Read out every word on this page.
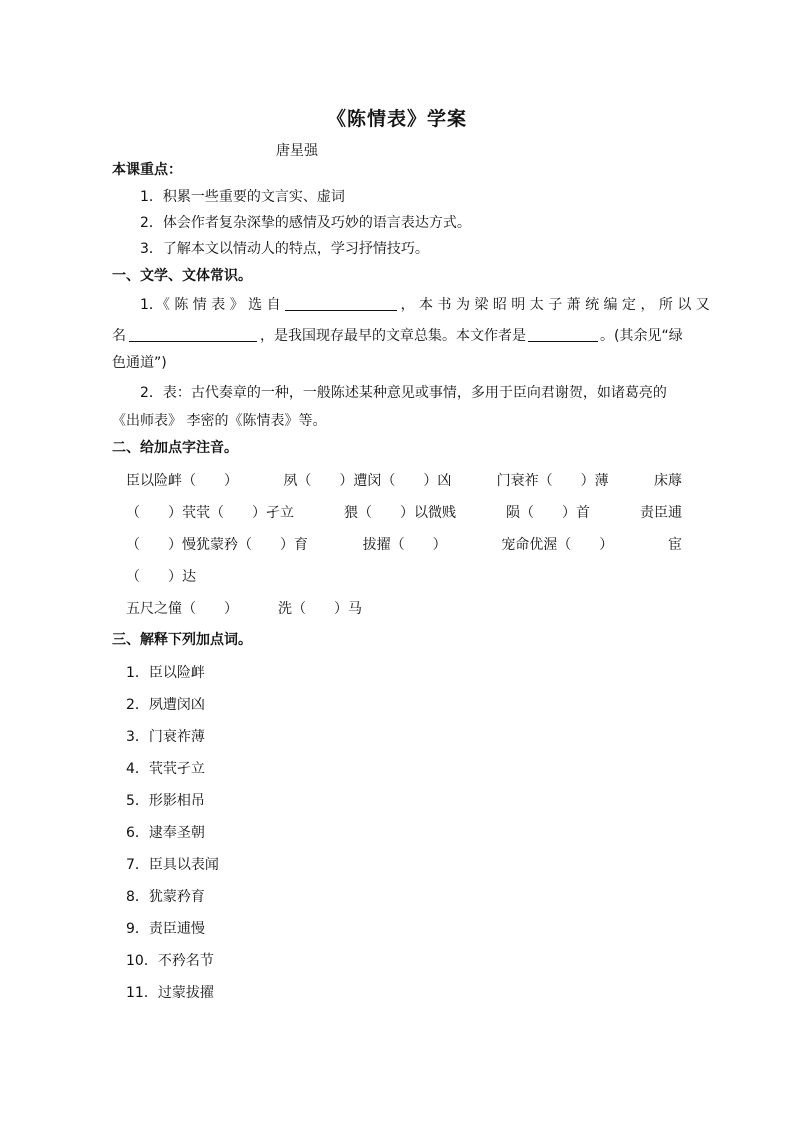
《陈情表》学案
唐星强
本课重点：
1．积累一些重要的文言实、虚词
2．体会作者复杂深挚的感情及巧妙的语言表达方式。
3．了解本文以情动人的特点，学习抒情技巧。
一、文学、文体常识。
1．《 陈 情 表 》 选 自	， 本 书 为 梁 昭 明 太 子 萧 统 编 定 ， 所 以 又
名	，是我国现存最早的文章总集。本文作者是	。(其余见“绿
色通道”)
2．表：古代奏章的一种，一般陈述某种意见或事情，多用于臣向君谢贺，如诸葛亮的
《出师表》 李密的《陈情表》等。
二、给加点字注音。
臣以险衅（　　）	夙（　　）遭闵（　　）凶	门衰祚（　　）薄	床蓐
（　　）茕茕（　　）孑立	猥（　　）以微贱	陨（　　）首	责臣逋
（　　）慢犹蒙矜（　　）育	拔擢（　　）	宠命优渥（　　）	宦
（　　）达
五尺之僮（　　）	洗（　　）马
三、解释下列加点词。
1．臣以险衅
2．夙遭闵凶
3．门衰祚薄
4．茕茕孑立
5．形影相吊
6．逮奉圣朝
7．臣具以表闻
8．犹蒙矜育
9．责臣逋慢
10．不矜名节
11．过蒙拔擢
